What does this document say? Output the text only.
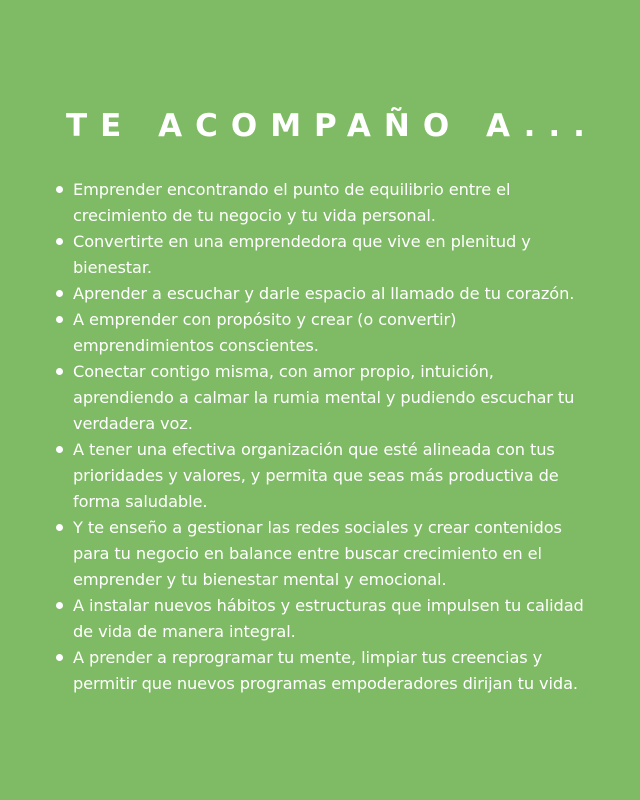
TE ACOMPAÑO A...
Emprender encontrando el punto de equilibrio entre el crecimiento de tu negocio y tu vida personal.
Convertirte en una emprendedora que vive en plenitud y bienestar.
Aprender a escuchar y darle espacio al llamado de tu corazón.
A emprender con propósito y crear (o convertir) emprendimientos conscientes.
Conectar contigo misma, con amor propio, intuición, aprendiendo a calmar la rumia mental y pudiendo escuchar tu verdadera voz.
A tener una efectiva organización que esté alineada con tus prioridades y valores, y permita que seas más productiva de forma saludable.
Y te enseño a gestionar las redes sociales y crear contenidos para tu negocio en balance entre buscar crecimiento en el emprender y tu bienestar mental y emocional.
A instalar nuevos hábitos y estructuras que impulsen tu calidad de vida de manera integral.
A prender a reprogramar tu mente, limpiar tus creencias y permitir que nuevos programas empoderadores dirijan tu vida.
